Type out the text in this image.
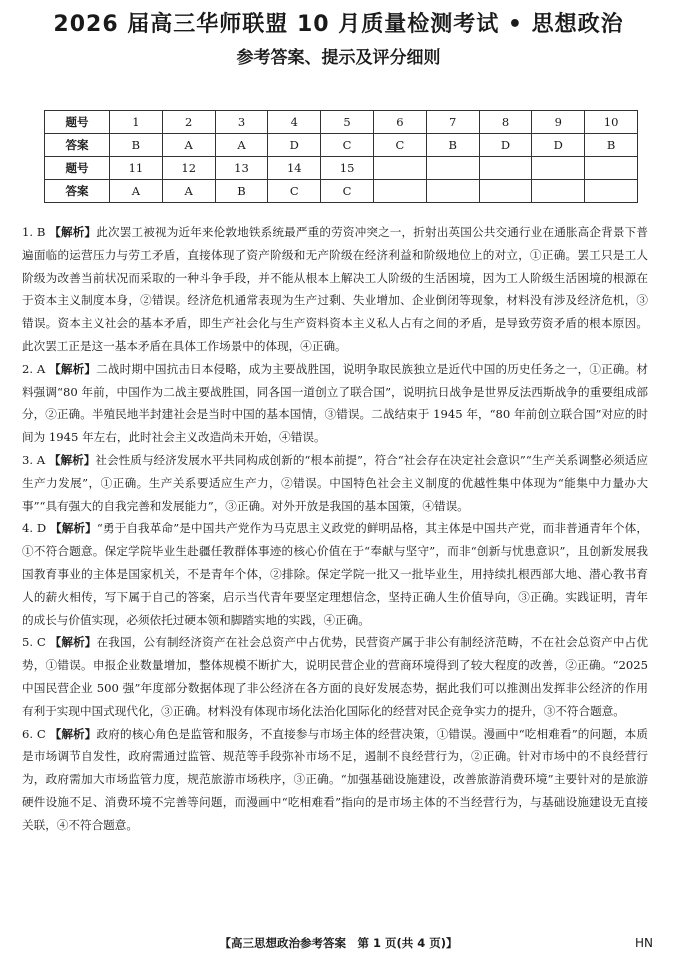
2026 届高三华师联盟 10 月质量检测考试 • 思想政治
参考答案、提示及评分细则
题号	1	2	3	4	5	6	7	8	9	10
答案	B	A	A	D	C	C	B	D	D	B
题号	11	12	13	14	15					
答案	A	A	B	C	C					

1. B 【解析】此次罢工被视为近年来伦敦地铁系统最严重的劳资冲突之一，折射出英国公共交通行业在通胀高企背景下普遍面临的运营压力与劳工矛盾，直接体现了资产阶级和无产阶级在经济利益和阶级地位上的对立，①正确。罢工只是工人阶级为改善当前状况而采取的一种斗争手段，并不能从根本上解决工人阶级的生活困境，因为工人阶级生活困境的根源在于资本主义制度本身，②错误。经济危机通常表现为生产过剩、失业增加、企业倒闭等现象，材料没有涉及经济危机，③错误。资本主义社会的基本矛盾，即生产社会化与生产资料资本主义私人占有之间的矛盾，是导致劳资矛盾的根本原因。此次罢工正是这一基本矛盾在具体工作场景中的体现，④正确。

2. A 【解析】二战时期中国抗击日本侵略，成为主要战胜国，说明争取民族独立是近代中国的历史任务之一，①正确。材料强调“80 年前，中国作为二战主要战胜国，同各国一道创立了联合国”，说明抗日战争是世界反法西斯战争的重要组成部分，②正确。半殖民地半封建社会是当时中国的基本国情，③错误。二战结束于 1945 年，“80 年前创立联合国”对应的时间为 1945 年左右，此时社会主义改造尚未开始，④错误。

3. A 【解析】社会性质与经济发展水平共同构成创新的“根本前提”，符合“社会存在决定社会意识”“生产关系调整必须适应生产力发展”，①正确。生产关系要适应生产力，②错误。中国特色社会主义制度的优越性集中体现为“能集中力量办大事”“具有强大的自我完善和发展能力”，③正确。对外开放是我国的基本国策，④错误。

4. D 【解析】“勇于自我革命”是中国共产党作为马克思主义政党的鲜明品格，其主体是中国共产党，而非普通青年个体，①不符合题意。保定学院毕业生赴疆任教群体事迹的核心价值在于“奉献与坚守”，而非“创新与忧患意识”，且创新发展我国教育事业的主体是国家机关，不是青年个体，②排除。保定学院一批又一批毕业生，用持续扎根西部大地、潜心教书育人的薪火相传，写下属于自己的答案，启示当代青年要坚定理想信念，坚持正确人生价值导向，③正确。实践证明，青年的成长与价值实现，必须依托过硬本领和脚踏实地的实践，④正确。

5. C 【解析】在我国，公有制经济资产在社会总资产中占优势，民营资产属于非公有制经济范畴，不在社会总资产中占优势，①错误。申报企业数量增加，整体规模不断扩大，说明民营企业的营商环境得到了较大程度的改善，②正确。“2025 中国民营企业 500 强”年度部分数据体现了非公经济在各方面的良好发展态势，据此我们可以推测出发挥非公经济的作用有利于实现中国式现代化，③正确。材料没有体现市场化法治化国际化的经营对民企竞争实力的提升，③不符合题意。

6. C 【解析】政府的核心角色是监管和服务，不直接参与市场主体的经营决策，①错误。漫画中“吃相难看”的问题，本质是市场调节自发性，政府需通过监管、规范等手段弥补市场不足，遏制不良经营行为，②正确。针对市场中的不良经营行为，政府需加大市场监管力度，规范旅游市场秩序，③正确。“加强基础设施建设，改善旅游消费环境”主要针对的是旅游硬件设施不足、消费环境不完善等问题，而漫画中“吃相难看”指向的是市场主体的不当经营行为，与基础设施建设无直接关联，④不符合题意。

【高三思想政治参考答案　第 1 页(共 4 页)】	HN
